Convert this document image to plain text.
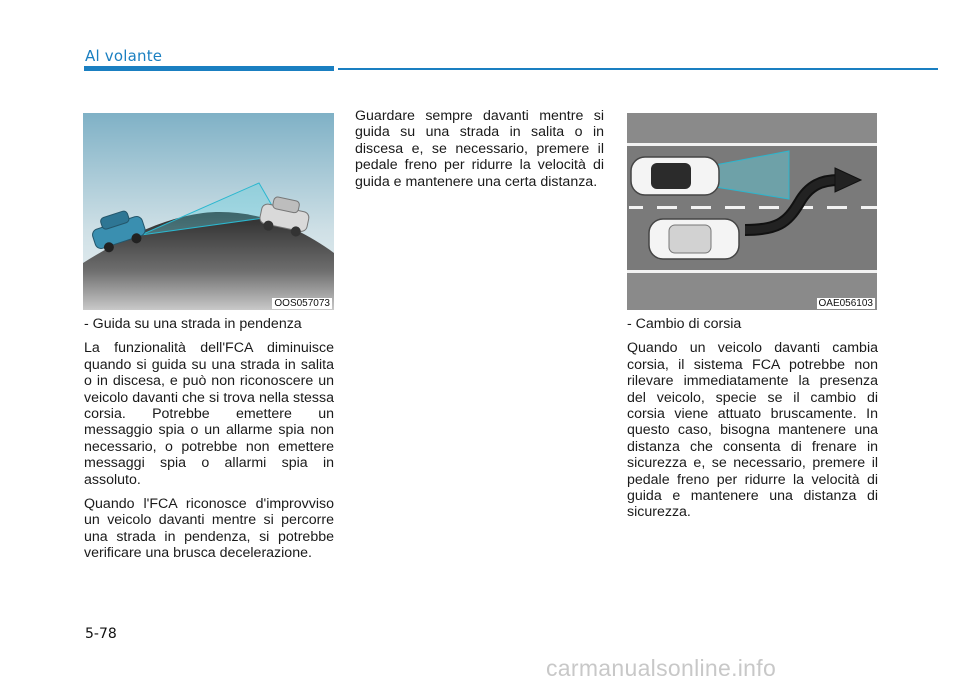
Al volante
OOS057073	OAE056103

- Guida su una strada in pendenza

La funzionalità dell'FCA diminuisce quando si guida su una strada in salita o in discesa, e può non riconoscere un veicolo davanti che si trova nella stessa corsia. Potrebbe emettere un messaggio spia o un allarme spia non necessario, o potrebbe non emettere messaggi spia o allarmi spia in assoluto.

Quando l'FCA riconosce d'improvviso un veicolo davanti mentre si percorre una strada in pendenza, si potrebbe verificare una brusca decelerazione.

Guardare sempre davanti mentre si guida su una strada in salita o in discesa e, se necessario, premere il pedale freno per ridurre la velocità di guida e mantenere una certa distanza.

- Cambio di corsia

Quando un veicolo davanti cambia corsia, il sistema FCA potrebbe non rilevare immediatamente la presenza del veicolo, specie se il cambio di corsia viene attuato bruscamente. In questo caso, bisogna mantenere una distanza che consenta di frenare in sicurezza e, se necessario, premere il pedale freno per ridurre la velocità di guida e mantenere una distanza di sicurezza.

5-78
carmanualsonline.info
